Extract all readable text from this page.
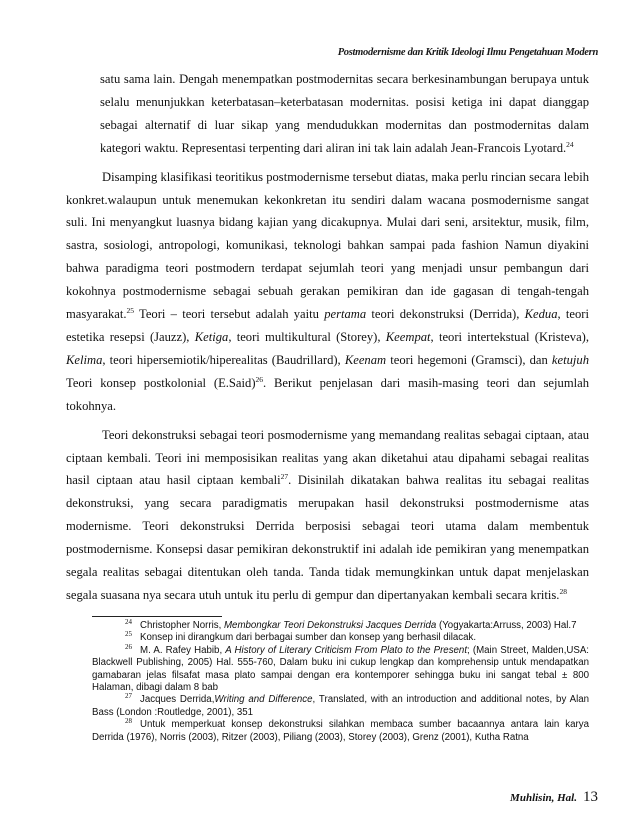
Postmodernisme dan Kritik Ideologi Ilmu Pengetahuan Modern

satu sama lain. Dengah menempatkan postmodernitas secara berkesinambungan berupaya untuk selalu menunjukkan keterbatasan–keterbatasan modernitas. posisi ketiga ini dapat dianggap sebagai alternatif di luar sikap yang mendudukkan modernitas dan postmodernitas dalam kategori waktu. Representasi terpenting dari aliran ini tak lain adalah Jean-Francois Lyotard.$^{24}$

Disamping klasifikasi teoritikus postmodernisme tersebut diatas, maka perlu rincian secara lebih konkret.walaupun untuk menemukan kekonkretan itu sendiri dalam wacana posmodernisme sangat suli. Ini menyangkut luasnya bidang kajian yang dicakupnya. Mulai dari seni, arsitektur, musik, film, sastra, sosiologi, antropologi, komunikasi, teknologi bahkan sampai pada fashion Namun diyakini bahwa paradigma teori postmodern terdapat sejumlah teori yang menjadi unsur pembangun dari kokohnya postmodernisme sebagai sebuah gerakan pemikiran dan ide gagasan di tengah-tengah masyarakat.$^{25}$ Teori – teori tersebut adalah yaitu pertama teori dekonstruksi (Derrida), Kedua, teori estetika resepsi (Jauzz), Ketiga, teori multikultural (Storey), Keempat, teori intertekstual (Kristeva), Kelima, teori hipersemiotik/hiperealitas (Baudrillard), Keenam teori hegemoni (Gramsci), dan ketujuh Teori konsep postkolonial (E.Said)$^{26}$. Berikut penjelasan dari masih-masing teori dan sejumlah tokohnya.

Teori dekonstruksi sebagai teori posmodernisme yang memandang realitas sebagai ciptaan, atau ciptaan kembali. Teori ini memposisikan realitas yang akan diketahui atau dipahami sebagai realitas hasil ciptaan atau hasil ciptaan kembali$^{27}$. Disinilah dikatakan bahwa realitas itu sebagai realitas dekonstruksi, yang secara paradigmatis merupakan hasil dekonstruksi postmodernisme atas modernisme. Teori dekonstruksi Derrida berposisi sebagai teori utama dalam membentuk postmodernisme. Konsepsi dasar pemikiran dekonstruktif ini adalah ide pemikiran yang menempatkan segala realitas sebagai ditentukan oleh tanda. Tanda tidak memungkinkan untuk dapat menjelaskan segala suasana nya secara utuh untuk itu perlu di gempur dan dipertanyakan kembali secara kritis.$^{28}$

24 Christopher Norris, Membongkar Teori Dekonstruksi Jacques Derrida (Yogyakarta:Arruss, 2003) Hal.7

25 Konsep ini dirangkum dari berbagai sumber dan konsep yang berhasil dilacak.

26 M. A. Rafey Habib, A History of Literary Criticism From Plato to the Present; (Main Street, Malden,USA: Blackwell Publishing, 2005) Hal. 555-760, Dalam buku ini cukup lengkap dan komprehensip untuk mendapatkan gamabaran jelas filsafat masa plato sampai dengan era kontemporer sehingga buku ini sangat tebal ± 800 Halaman, dibagi dalam 8 bab

27 Jacques Derrida,Writing and Difference, Translated, with an introduction and additional notes, by Alan Bass (London :Routledge, 2001), 351

28 Untuk memperkuat konsep dekonstruksi silahkan membaca sumber bacaannya antara lain karya Derrida (1976), Norris (2003), Ritzer (2003), Piliang (2003), Storey (2003), Grenz (2001), Kutha Ratna

Muhlisin, Hal. 13
